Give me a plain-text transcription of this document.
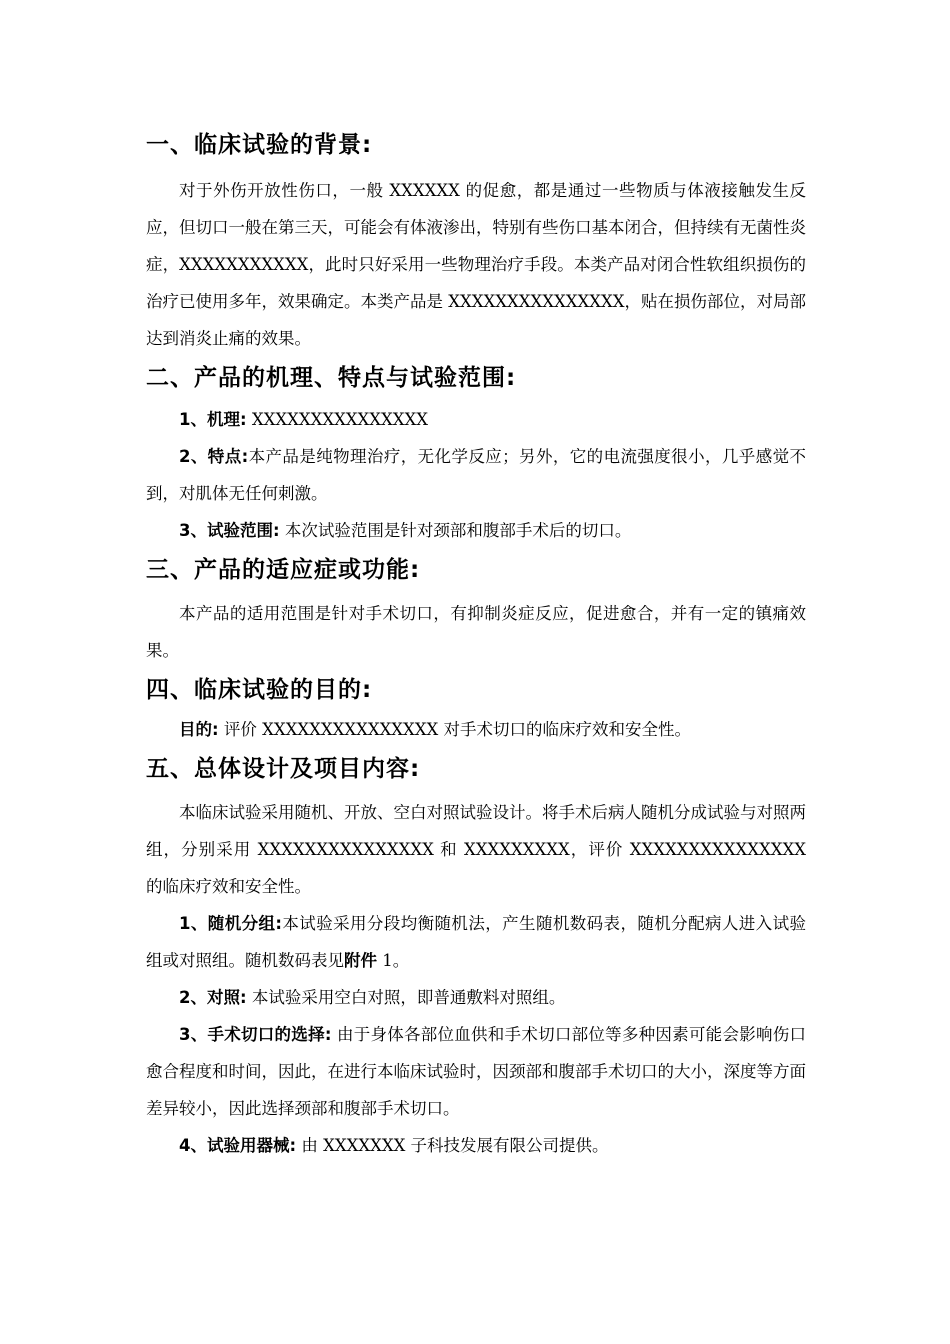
一、临床试验的背景:

对于外伤开放性伤口，一般 XXXXXX 的促愈，都是通过一些物质与体液接触发生反应，但切口一般在第三天，可能会有体液渗出，特别有些伤口基本闭合，但持续有无菌性炎症，XXXXXXXXXXX，此时只好采用一些物理治疗手段。本类产品对闭合性软组织损伤的治疗已使用多年，效果确定。本类产品是 XXXXXXXXXXXXXXX，贴在损伤部位，对局部达到消炎止痛的效果。

二、产品的机理、特点与试验范围:

1、机理: XXXXXXXXXXXXXXX

2、特点:本产品是纯物理治疗，无化学反应；另外，它的电流强度很小，几乎感觉不到，对肌体无任何刺激。

3、试验范围: 本次试验范围是针对颈部和腹部手术后的切口。

三、产品的适应症或功能:

本产品的适用范围是针对手术切口，有抑制炎症反应，促进愈合，并有一定的镇痛效果。

四、临床试验的目的:

目的: 评价 XXXXXXXXXXXXXXX 对手术切口的临床疗效和安全性。

五、总体设计及项目内容:

本临床试验采用随机、开放、空白对照试验设计。将手术后病人随机分成试验与对照两组，分别采用 XXXXXXXXXXXXXXX 和 XXXXXXXXX，评价 XXXXXXXXXXXXXXX 的临床疗效和安全性。

1、随机分组:本试验采用分段均衡随机法，产生随机数码表，随机分配病人进入试验组或对照组。随机数码表见附件 1。

2、对照: 本试验采用空白对照，即普通敷料对照组。

3、手术切口的选择: 由于身体各部位血供和手术切口部位等多种因素可能会影响伤口愈合程度和时间，因此，在进行本临床试验时，因颈部和腹部手术切口的大小，深度等方面差异较小，因此选择颈部和腹部手术切口。

4、试验用器械: 由 XXXXXXX 子科技发展有限公司提供。
